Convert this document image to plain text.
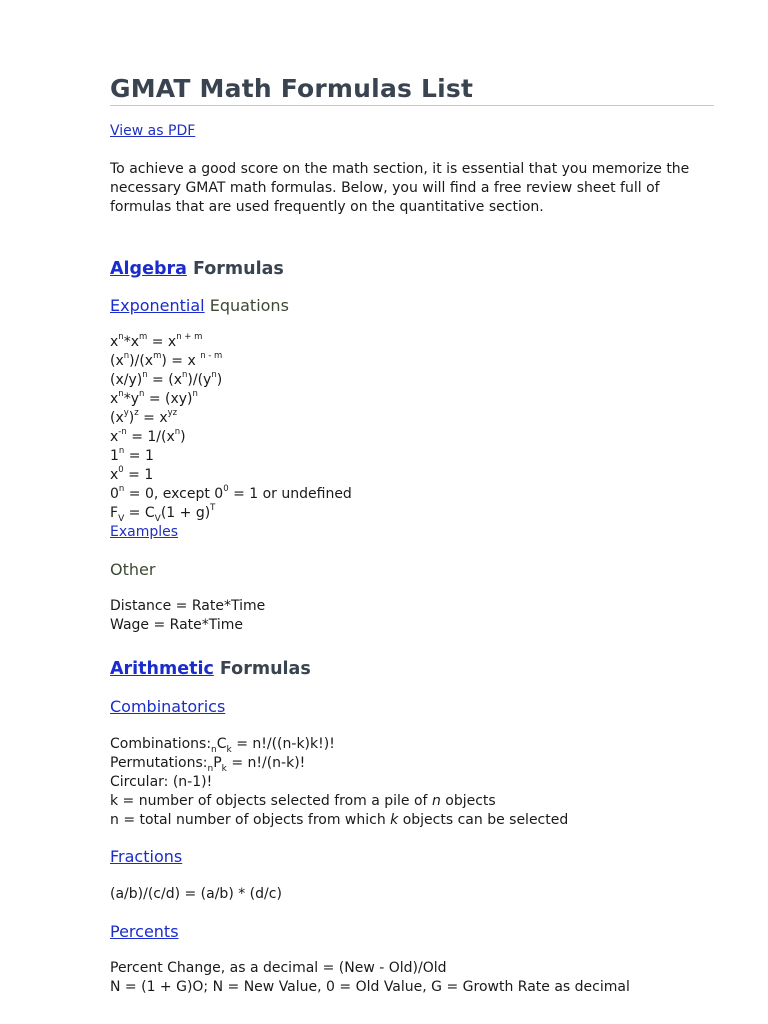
GMAT Math Formulas List
View as PDF

To achieve a good score on the math section, it is essential that you memorize the necessary GMAT math formulas. Below, you will find a free review sheet full of formulas that are used frequently on the quantitative section.

Algebra Formulas
Exponential Equations
$x^n*x^m = x^{n + m}$
$(x^n)/(x^m) = x$ $^{n - m}$
$(x/y)^n = (x^n)/(y^n)$
$x^n*y^n = (xy)^n$
$(x^y)^z = x^{yz}$
$x^{-n} = 1/(x^n)$
$1^n = 1$
$x^0 = 1$
$0^n = 0$, except $0^0 = 1$ or undefined
$F_V = C_V(1 + g)^T$
Examples
Other
Distance = Rate*Time
Wage = Rate*Time
Arithmetic Formulas
Combinatorics
$Combinations:_nC_k = n!/((n-k)k!)$!
$Permutations:_nP_k = n!/(n-k)$!
Circular: (n-1)!
k = number of objects selected from a pile of n objects
n = total number of objects from which k objects can be selected
Fractions
(a/b)/(c/d) = (a/b) * (d/c)
Percents
Percent Change, as a decimal = (New - Old)/Old
N = (1 + G)O; N = New Value, 0 = Old Value, G = Growth Rate as decimal
